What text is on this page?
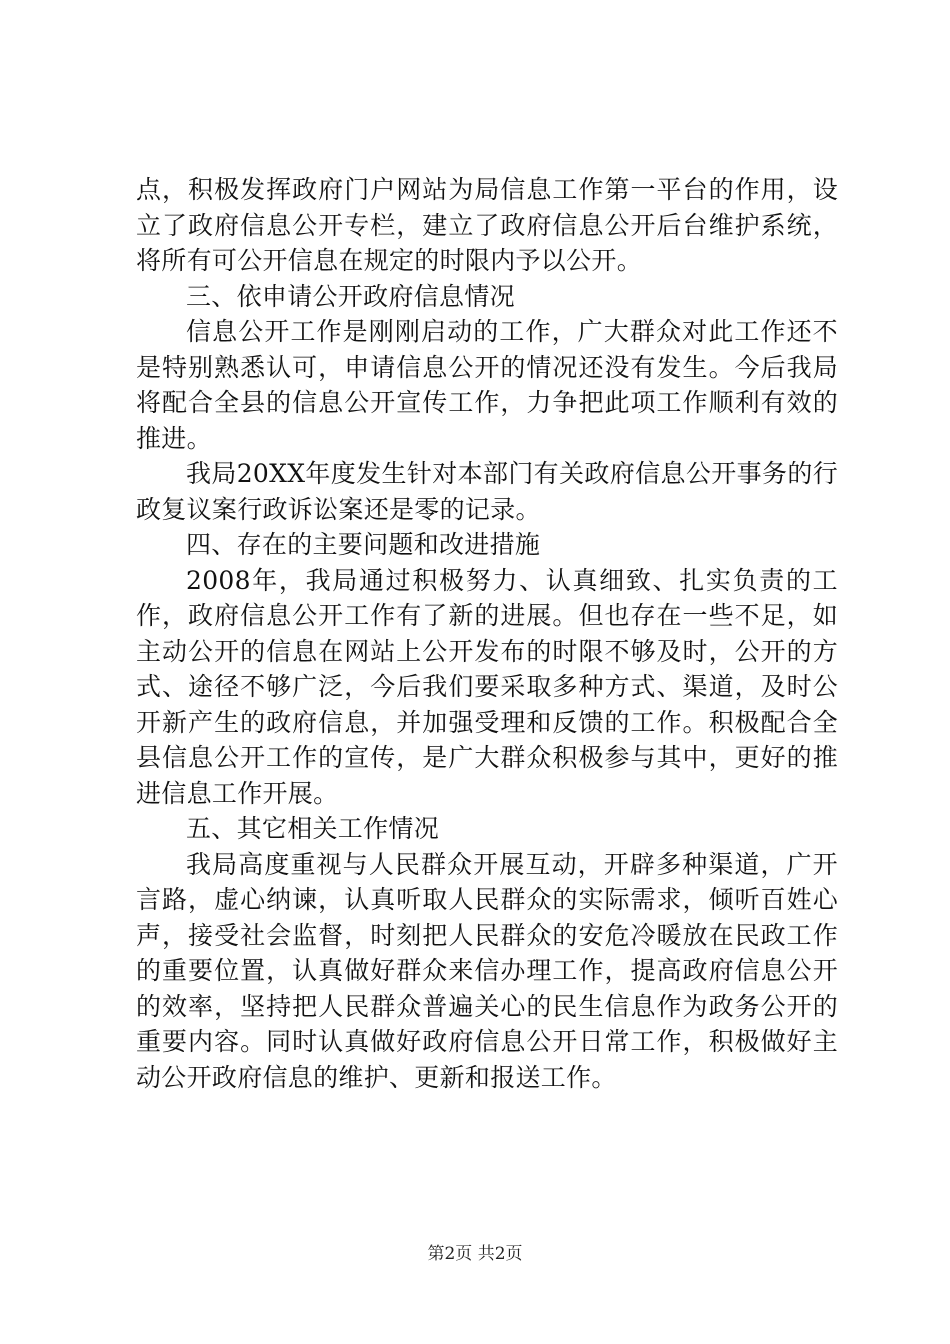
点，积极发挥政府门户网站为局信息工作第一平台的作用，设立了政府信息公开专栏，建立了政府信息公开后台维护系统，将所有可公开信息在规定的时限内予以公开。

三、依申请公开政府信息情况

信息公开工作是刚刚启动的工作，广大群众对此工作还不是特别熟悉认可，申请信息公开的情况还没有发生。今后我局将配合全县的信息公开宣传工作，力争把此项工作顺利有效的推进。

我局20XX年度发生针对本部门有关政府信息公开事务的行政复议案行政诉讼案还是零的记录。

四、存在的主要问题和改进措施

2008年，我局通过积极努力、认真细致、扎实负责的工作，政府信息公开工作有了新的进展。但也存在一些不足，如主动公开的信息在网站上公开发布的时限不够及时，公开的方式、途径不够广泛，今后我们要采取多种方式、渠道，及时公开新产生的政府信息，并加强受理和反馈的工作。积极配合全县信息公开工作的宣传，是广大群众积极参与其中，更好的推进信息工作开展。

五、其它相关工作情况

我局高度重视与人民群众开展互动，开辟多种渠道，广开言路，虚心纳谏，认真听取人民群众的实际需求，倾听百姓心声，接受社会监督，时刻把人民群众的安危冷暖放在民政工作的重要位置，认真做好群众来信办理工作，提高政府信息公开的效率，坚持把人民群众普遍关心的民生信息作为政务公开的重要内容。同时认真做好政府信息公开日常工作，积极做好主动公开政府信息的维护、更新和报送工作。

第2页 共2页
